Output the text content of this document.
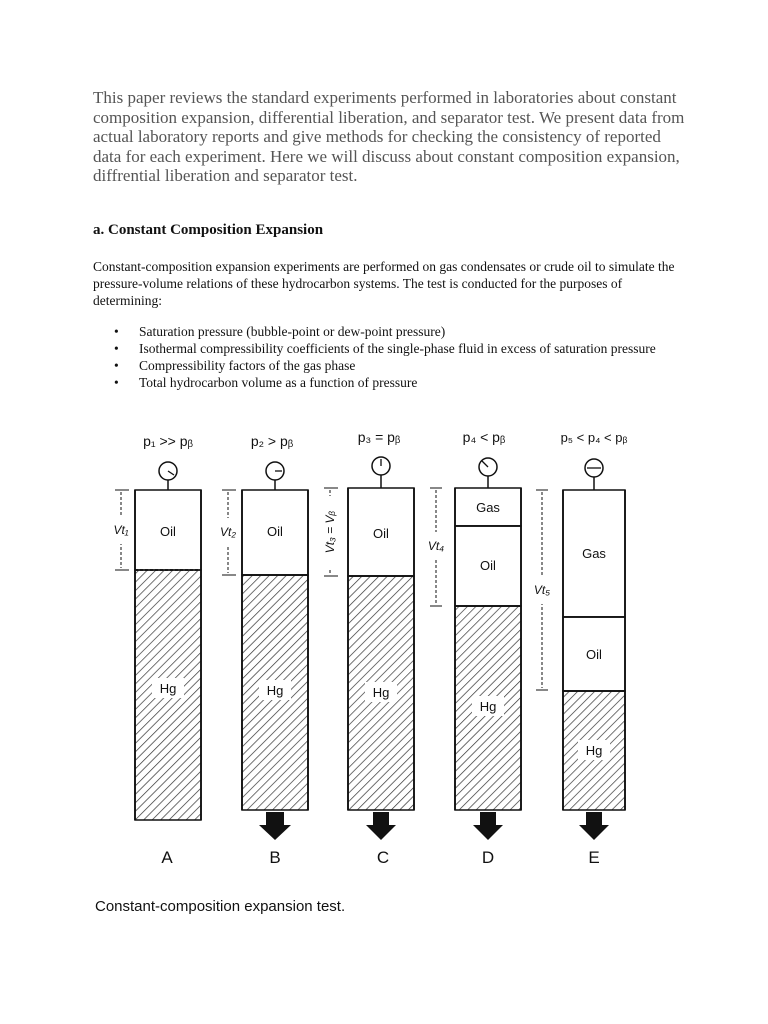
This paper reviews the standard experiments performed in laboratories about constant composition expansion, differential liberation, and separator test. We present data from actual laboratory reports and give methods for checking the consistency of reported data for each experiment. Here we will discuss about constant composition expansion, diffrential liberation and separator test.
a. Constant Composition Expansion
Constant-composition expansion experiments are performed on gas condensates or crude oil to simulate the pressure-volume relations of these hydrocarbon systems. The test is conducted for the purposes of determining:
• Saturation pressure (bubble-point or dew-point pressure)
• Isothermal compressibility coefficients of the single-phase fluid in excess of saturation pressure
• Compressibility factors of the gas phase
• Total hydrocarbon volume as a function of pressure
p₁ >> pᵦ
Oil
Hg
Vt₁
A
p₂ > pᵦ
Oil
Hg
Vt₂
B
p₃ = pᵦ
Oil
Hg
Vt₃ = Vᵦ
C
p₄ < pᵦ
Gas
Oil
Hg
Vt₄
D
p₅ < p₄ < pᵦ
Gas
Oil
Hg
Vt₅
E
Constant-composition expansion test.
